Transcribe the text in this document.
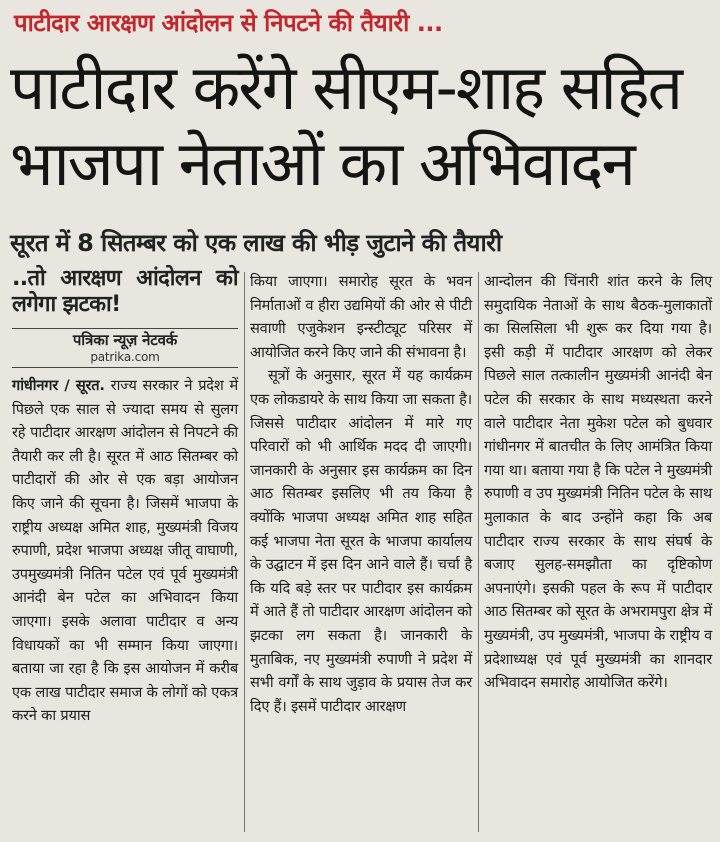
पाटीदार आरक्षण आंदोलन से निपटने की तैयारी ...
पाटीदार करेंगे सीएम-शाह सहित
भाजपा नेताओं का अभिवादन
सूरत में 8 सितम्बर को एक लाख की भीड़ जुटाने की तैयारी
..तो आरक्षण आंदोलन को लगेगा झटका!
पत्रिका न्यूज़ नेटवर्क
patrika.com

गांधीनगर / सूरत. राज्य सरकार ने प्रदेश में पिछले एक साल से ज्यादा समय से सुलग रहे पाटीदार आरक्षण आंदोलन से निपटने की तैयारी कर ली है। सूरत में आठ सितम्बर को पाटीदारों की ओर से एक बड़ा आयोजन किए जाने की सूचना है। जिसमें भाजपा के राष्ट्रीय अध्यक्ष अमित शाह, मुख्यमंत्री विजय रुपाणी, प्रदेश भाजपा अध्यक्ष जीतू वाघाणी, उपमुख्यमंत्री नितिन पटेल एवं पूर्व मुख्यमंत्री आनंदी बेन पटेल का अभिवादन किया जाएगा। इसके अलावा पाटीदार व अन्य विधायकों का भी सम्मान किया जाएगा। बताया जा रहा है कि इस आयोजन में करीब एक लाख पाटीदार समाज के लोगों को एकत्र करने का प्रयास

किया जाएगा। समारोह सूरत के भवन निर्माताओं व हीरा उद्यमियों की ओर से पीटी सवाणी एजुकेशन इन्स्टीट्यूट परिसर में आयोजित करने किए जाने की संभावना है।

सूत्रों के अनुसार, सूरत में यह कार्यक्रम एक लोकडायरे के साथ किया जा सकता है। जिससे पाटीदार आंदोलन में मारे गए परिवारों को भी आर्थिक मदद दी जाएगी। जानकारी के अनुसार इस कार्यक्रम का दिन आठ सितम्बर इसलिए भी तय किया है क्योंकि भाजपा अध्यक्ष अमित शाह सहित कई भाजपा नेता सूरत के भाजपा कार्यालय के उद्घाटन में इस दिन आने वाले हैं। चर्चा है कि यदि बड़े स्तर पर पाटीदार इस कार्यक्रम में आते हैं तो पाटीदार आरक्षण आंदोलन को झटका लग सकता है। जानकारी के मुताबिक, नए मुख्यमंत्री रुपाणी ने प्रदेश में सभी वर्गों के साथ जुड़ाव के प्रयास तेज कर दिए हैं। इसमें पाटीदार आरक्षण

आन्दोलन की चिंनारी शांत करने के लिए समुदायिक नेताओं के साथ बैठक-मुलाकातों का सिलसिला भी शुरू कर दिया गया है। इसी कड़ी में पाटीदार आरक्षण को लेकर पिछले साल तत्कालीन मुख्यमंत्री आनंदी बेन पटेल की सरकार के साथ मध्यस्थता करने वाले पाटीदार नेता मुकेश पटेल को बुधवार गांधीनगर में बातचीत के लिए आमंत्रित किया गया था। बताया गया है कि पटेल ने मुख्यमंत्री रुपाणी व उप मुख्यमंत्री नितिन पटेल के साथ मुलाकात के बाद उन्होंने कहा कि अब पाटीदार राज्य सरकार के साथ संघर्ष के बजाए सुलह-समझौता का दृष्टिकोण अपनाएंगे। इसकी पहल के रूप में पाटीदार आठ सितम्बर को सूरत के अभरामपुरा क्षेत्र में मुख्यमंत्री, उप मुख्यमंत्री, भाजपा के राष्ट्रीय व प्रदेशाध्यक्ष एवं पूर्व मुख्यमंत्री का शानदार अभिवादन समारोह आयोजित करेंगे।
